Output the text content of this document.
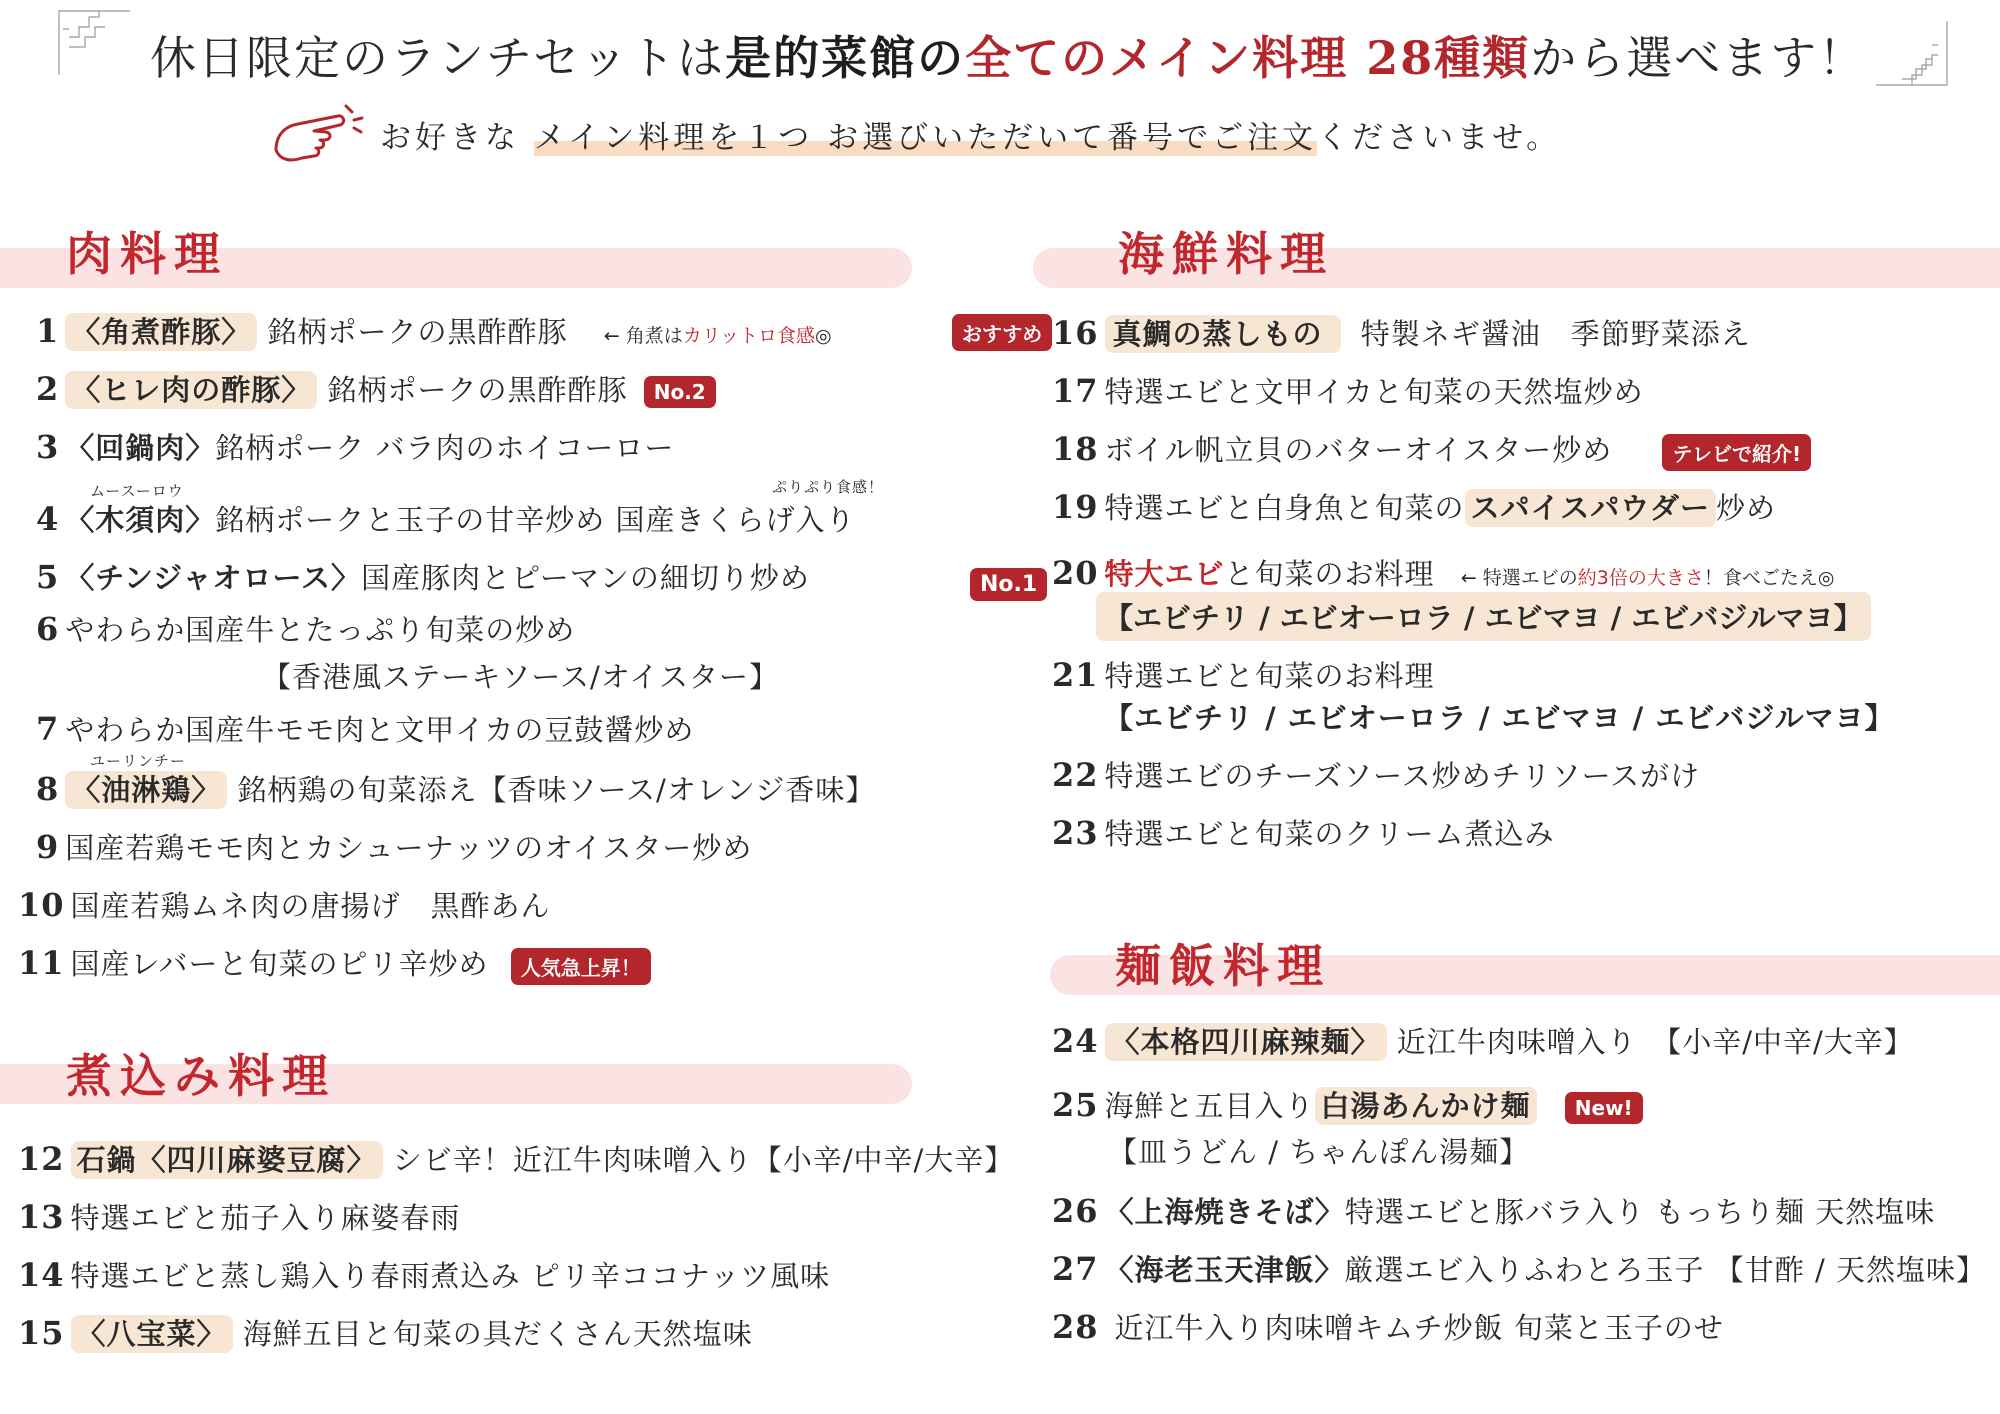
休日限定のランチセットは是的菜館の全てのメイン料理 28種類から選べます！
お好きな メイン料理を１つ お選びいただいて番号でご注文くださいませ。
肉料理	海鮮料理
煮込み料理
麺飯料理
1 〈角煮酢豚〉 銘柄ポークの黒酢酢豚 ← 角煮はカリットロ食感◎
2 〈ヒレ肉の酢豚〉 銘柄ポークの黒酢酢豚 No.2
3 〈回鍋肉〉銘柄ポーク バラ肉のホイコーロー
ムースーロウ	ぷりぷり食感！
4 〈木須肉〉銘柄ポークと玉子の甘辛炒め 国産きくらげ入り
5 〈チンジャオロース〉国産豚肉とピーマンの細切り炒め
6 やわらか国産牛とたっぷり旬菜の炒め
【香港風ステーキソース/オイスター】
7 やわらか国産牛モモ肉と文甲イカの豆鼓醤炒め
ユーリンチー
8 〈油淋鶏〉 銘柄鶏の旬菜添え【香味ソース/オレンジ香味】
9 国産若鶏モモ肉とカシューナッツのオイスター炒め
10 国産若鶏ムネ肉の唐揚げ　黒酢あん
11 国産レバーと旬菜のピリ辛炒め 人気急上昇！
12 石鍋〈四川麻婆豆腐〉 シビ辛！近江牛肉味噌入り【小辛/中辛/大辛】
13 特選エビと茄子入り麻婆春雨
14 特選エビと蒸し鶏入り春雨煮込み ピリ辛ココナッツ風味
15 〈八宝菜〉 海鮮五目と旬菜の具だくさん天然塩味
おすすめ 16 真鯛の蒸しもの 特製ネギ醤油　季節野菜添え
17 特選エビと文甲イカと旬菜の天然塩炒め
18 ボイル帆立貝のバターオイスター炒め	テレビで紹介!
19 特選エビと白身魚と旬菜の スパイスパウダー 炒め
No.1 20 特大エビと旬菜のお料理 ← 特選エビの約3倍の大きさ！食べごたえ◎
【エビチリ / エビオーロラ / エビマヨ / エビバジルマヨ】
21 特選エビと旬菜のお料理
【エビチリ / エビオーロラ / エビマヨ / エビバジルマヨ】
22 特選エビのチーズソース炒めチリソースがけ
23 特選エビと旬菜のクリーム煮込み
24 〈本格四川麻辣麺〉 近江牛肉味噌入り　【小辛/中辛/大辛】
25 海鮮と五目入り 白湯あんかけ麺 New!
【皿うどん / ちゃんぽん湯麺】
26 〈上海焼きそば〉特選エビと豚バラ入り もっちり麺 天然塩味
27 〈海老玉天津飯〉厳選エビ入りふわとろ玉子 【甘酢 / 天然塩味】
28 近江牛入り肉味噌キムチ炒飯 旬菜と玉子のせ
